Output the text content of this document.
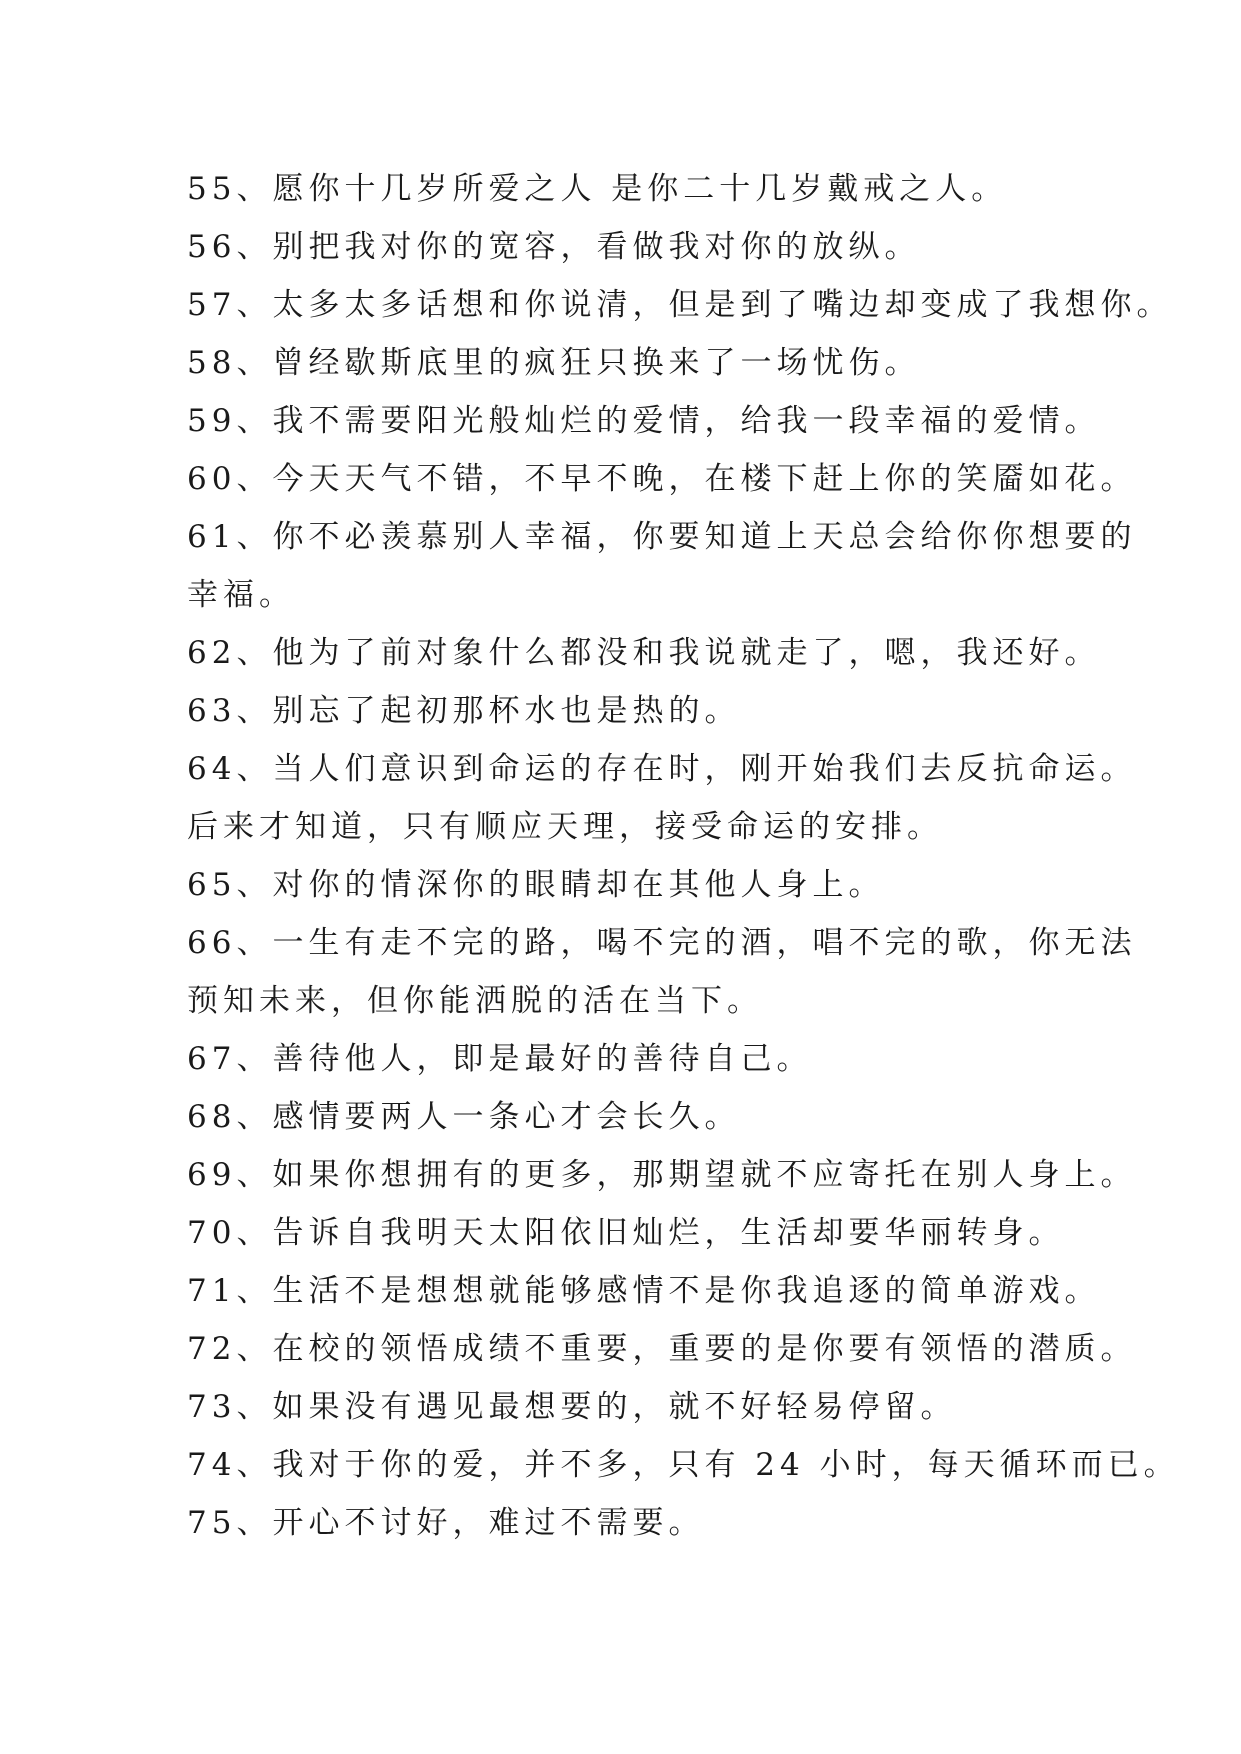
55、愿你十几岁所爱之人 是你二十几岁戴戒之人。
56、别把我对你的宽容，看做我对你的放纵。
57、太多太多话想和你说清，但是到了嘴边却变成了我想你。
58、曾经歇斯底里的疯狂只换来了一场忧伤。
59、我不需要阳光般灿烂的爱情，给我一段幸福的爱情。
60、今天天气不错，不早不晚，在楼下赶上你的笑靥如花。
61、你不必羡慕别人幸福，你要知道上天总会给你你想要的
幸福。
62、他为了前对象什么都没和我说就走了，嗯，我还好。
63、别忘了起初那杯水也是热的。
64、当人们意识到命运的存在时，刚开始我们去反抗命运。
后来才知道，只有顺应天理，接受命运的安排。
65、对你的情深你的眼睛却在其他人身上。
66、一生有走不完的路，喝不完的酒，唱不完的歌，你无法
预知未来，但你能洒脱的活在当下。
67、善待他人，即是最好的善待自己。
68、感情要两人一条心才会长久。
69、如果你想拥有的更多，那期望就不应寄托在别人身上。
70、告诉自我明天太阳依旧灿烂，生活却要华丽转身。
71、生活不是想想就能够感情不是你我追逐的简单游戏。
72、在校的领悟成绩不重要，重要的是你要有领悟的潜质。
73、如果没有遇见最想要的，就不好轻易停留。
74、我对于你的爱，并不多，只有 24 小时，每天循环而已。
75、开心不讨好，难过不需要。
